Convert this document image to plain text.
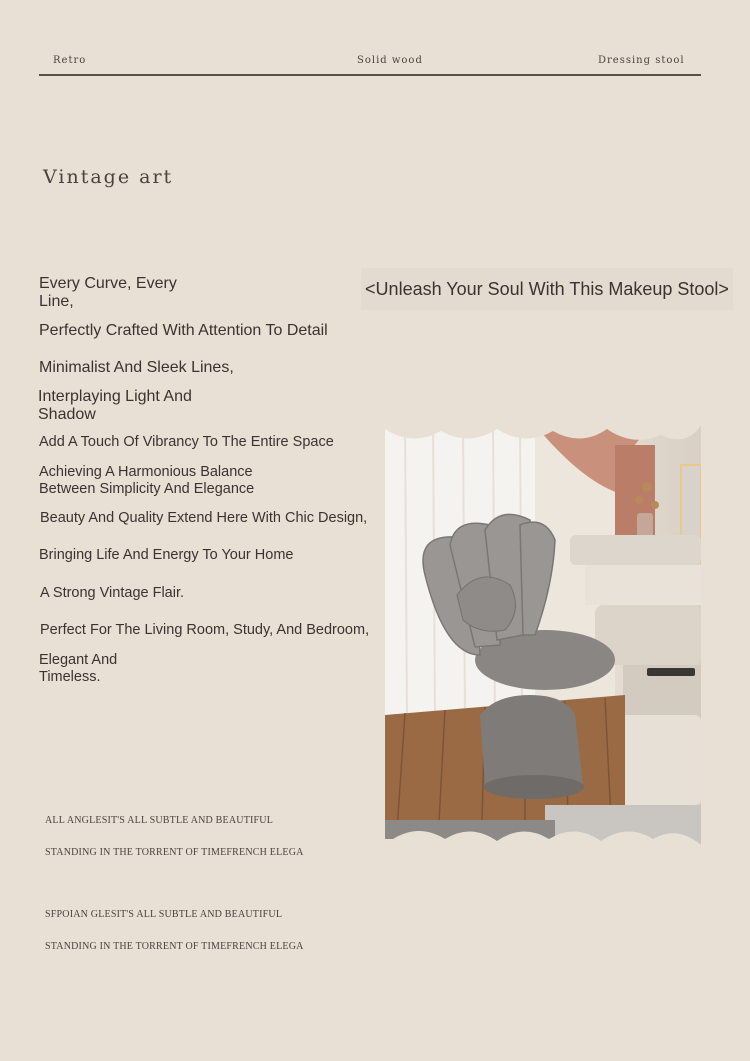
Retro	Solid wood	Dressing stool
Vintage art
<Unleash Your Soul With This Makeup Stool>
Every Curve, Every
Line,
Perfectly Crafted With Attention To Detail
Minimalist And Sleek Lines,
Interplaying Light And
Shadow
Add A Touch Of Vibrancy To The Entire Space
Achieving A Harmonious Balance
Between Simplicity And Elegance
Beauty And Quality Extend Here With Chic Design,
Bringing Life And Energy To Your Home
A Strong Vintage Flair.
Perfect For The Living Room, Study, And Bedroom,
Elegant And
Timeless.
ALL ANGLESIT'S ALL SUBTLE AND BEAUTIFUL
STANDING IN THE TORRENT OF TIMEFRENCH ELEGA
SFPOIAN GLESIT'S ALL SUBTLE AND BEAUTIFUL
STANDING IN THE TORRENT OF TIMEFRENCH ELEGA
